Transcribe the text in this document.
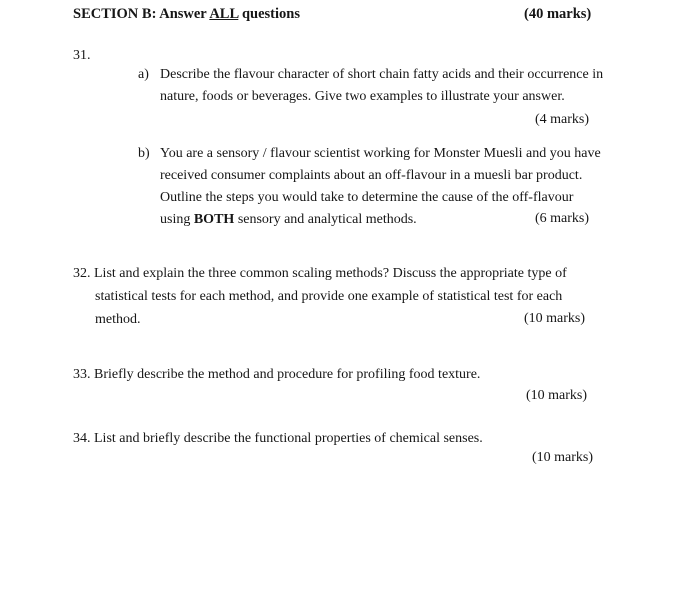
SECTION B: Answer ALL questions	(40 marks)
31.
a) Describe the flavour character of short chain fatty acids and their occurrence in
nature, foods or beverages. Give two examples to illustrate your answer.
(4 marks)
b) You are a sensory / flavour scientist working for Monster Muesli and you have
received consumer complaints about an off-flavour in a muesli bar product.
Outline the steps you would take to determine the cause of the off-flavour
using BOTH sensory and analytical methods.	(6 marks)
32. List and explain the three common scaling methods? Discuss the appropriate type of
statistical tests for each method, and provide one example of statistical test for each
method.	(10 marks)
33. Briefly describe the method and procedure for profiling food texture.
(10 marks)
34. List and briefly describe the functional properties of chemical senses.
(10 marks)
